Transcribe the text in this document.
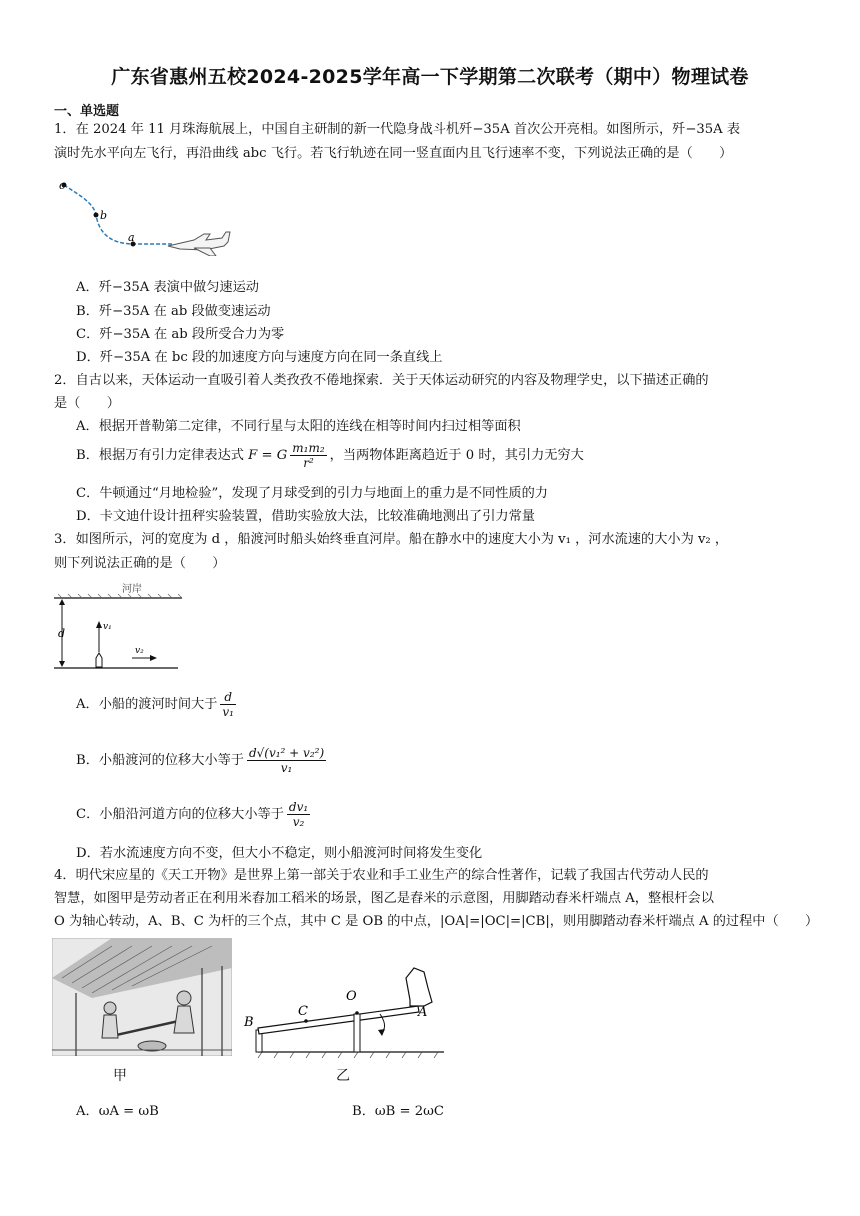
广东省惠州五校2024-2025学年高一下学期第二次联考（期中）物理试卷
一、单选题
1．在 2024 年 11 月珠海航展上，中国自主研制的新一代隐身战斗机歼−35A 首次公开亮相。如图所示，歼−35A 表
演时先水平向左飞行，再沿曲线 abc 飞行。若飞行轨迹在同一竖直面内且飞行速率不变，下列说法正确的是（　　）
c
b
a
A．歼−35A 表演中做匀速运动
B．歼−35A 在 ab 段做变速运动
C．歼−35A 在 ab 段所受合力为零
D．歼−35A 在 bc 段的加速度方向与速度方向在同一条直线上
2．自古以来，天体运动一直吸引着人类孜孜不倦地探索．关于天体运动研究的内容及物理学史，以下描述正确的
是（　　）
A．根据开普勒第二定律，不同行星与太阳的连线在相等时间内扫过相等面积
B．根据万有引力定律表达式 F = G $\frac{\text{m₁m₂}}{\text{r²}}$ ，当两物体距离趋近于 0 时，其引力无穷大
C．牛顿通过“月地检验”，发现了月球受到的引力与地面上的重力是不同性质的力
D．卡文迪什设计扭秤实验装置，借助实验放大法，比较准确地测出了引力常量
3．如图所示，河的宽度为 d ，船渡河时船头始终垂直河岸。船在静水中的速度大小为 v₁ ，河水流速的大小为 v₂ ，
则下列说法正确的是（　　）
河岸
d	v₁
v₂
A．小船的渡河时间大于 $\frac{d}{\text{v₁}}$
B．小船渡河的位移大小等于 $\frac{\text{d√(v₁² + v₂²)}}{\text{v₁}}$
C．小船沿河道方向的位移大小等于 $\frac{\text{dv₁}}{\text{v₂}}$
D．若水流速度方向不变，但大小不稳定，则小船渡河时间将发生变化
4．明代宋应星的《天工开物》是世界上第一部关于农业和手工业生产的综合性著作，记载了我国古代劳动人民的
智慧，如图甲是劳动者正在利用米舂加工稻米的场景，图乙是舂米的示意图，用脚踏动舂米杆端点 A，整根杆会以
O 为轴心转动，A、B、C 为杆的三个点，其中 C 是 OB 的中点，|OA|=|OC|=|CB|，则用脚踏动舂米杆端点 A 的过程中（　　）
甲
B
C
O
A
乙
A．ωA = ωB	B．ωB = 2ωC
